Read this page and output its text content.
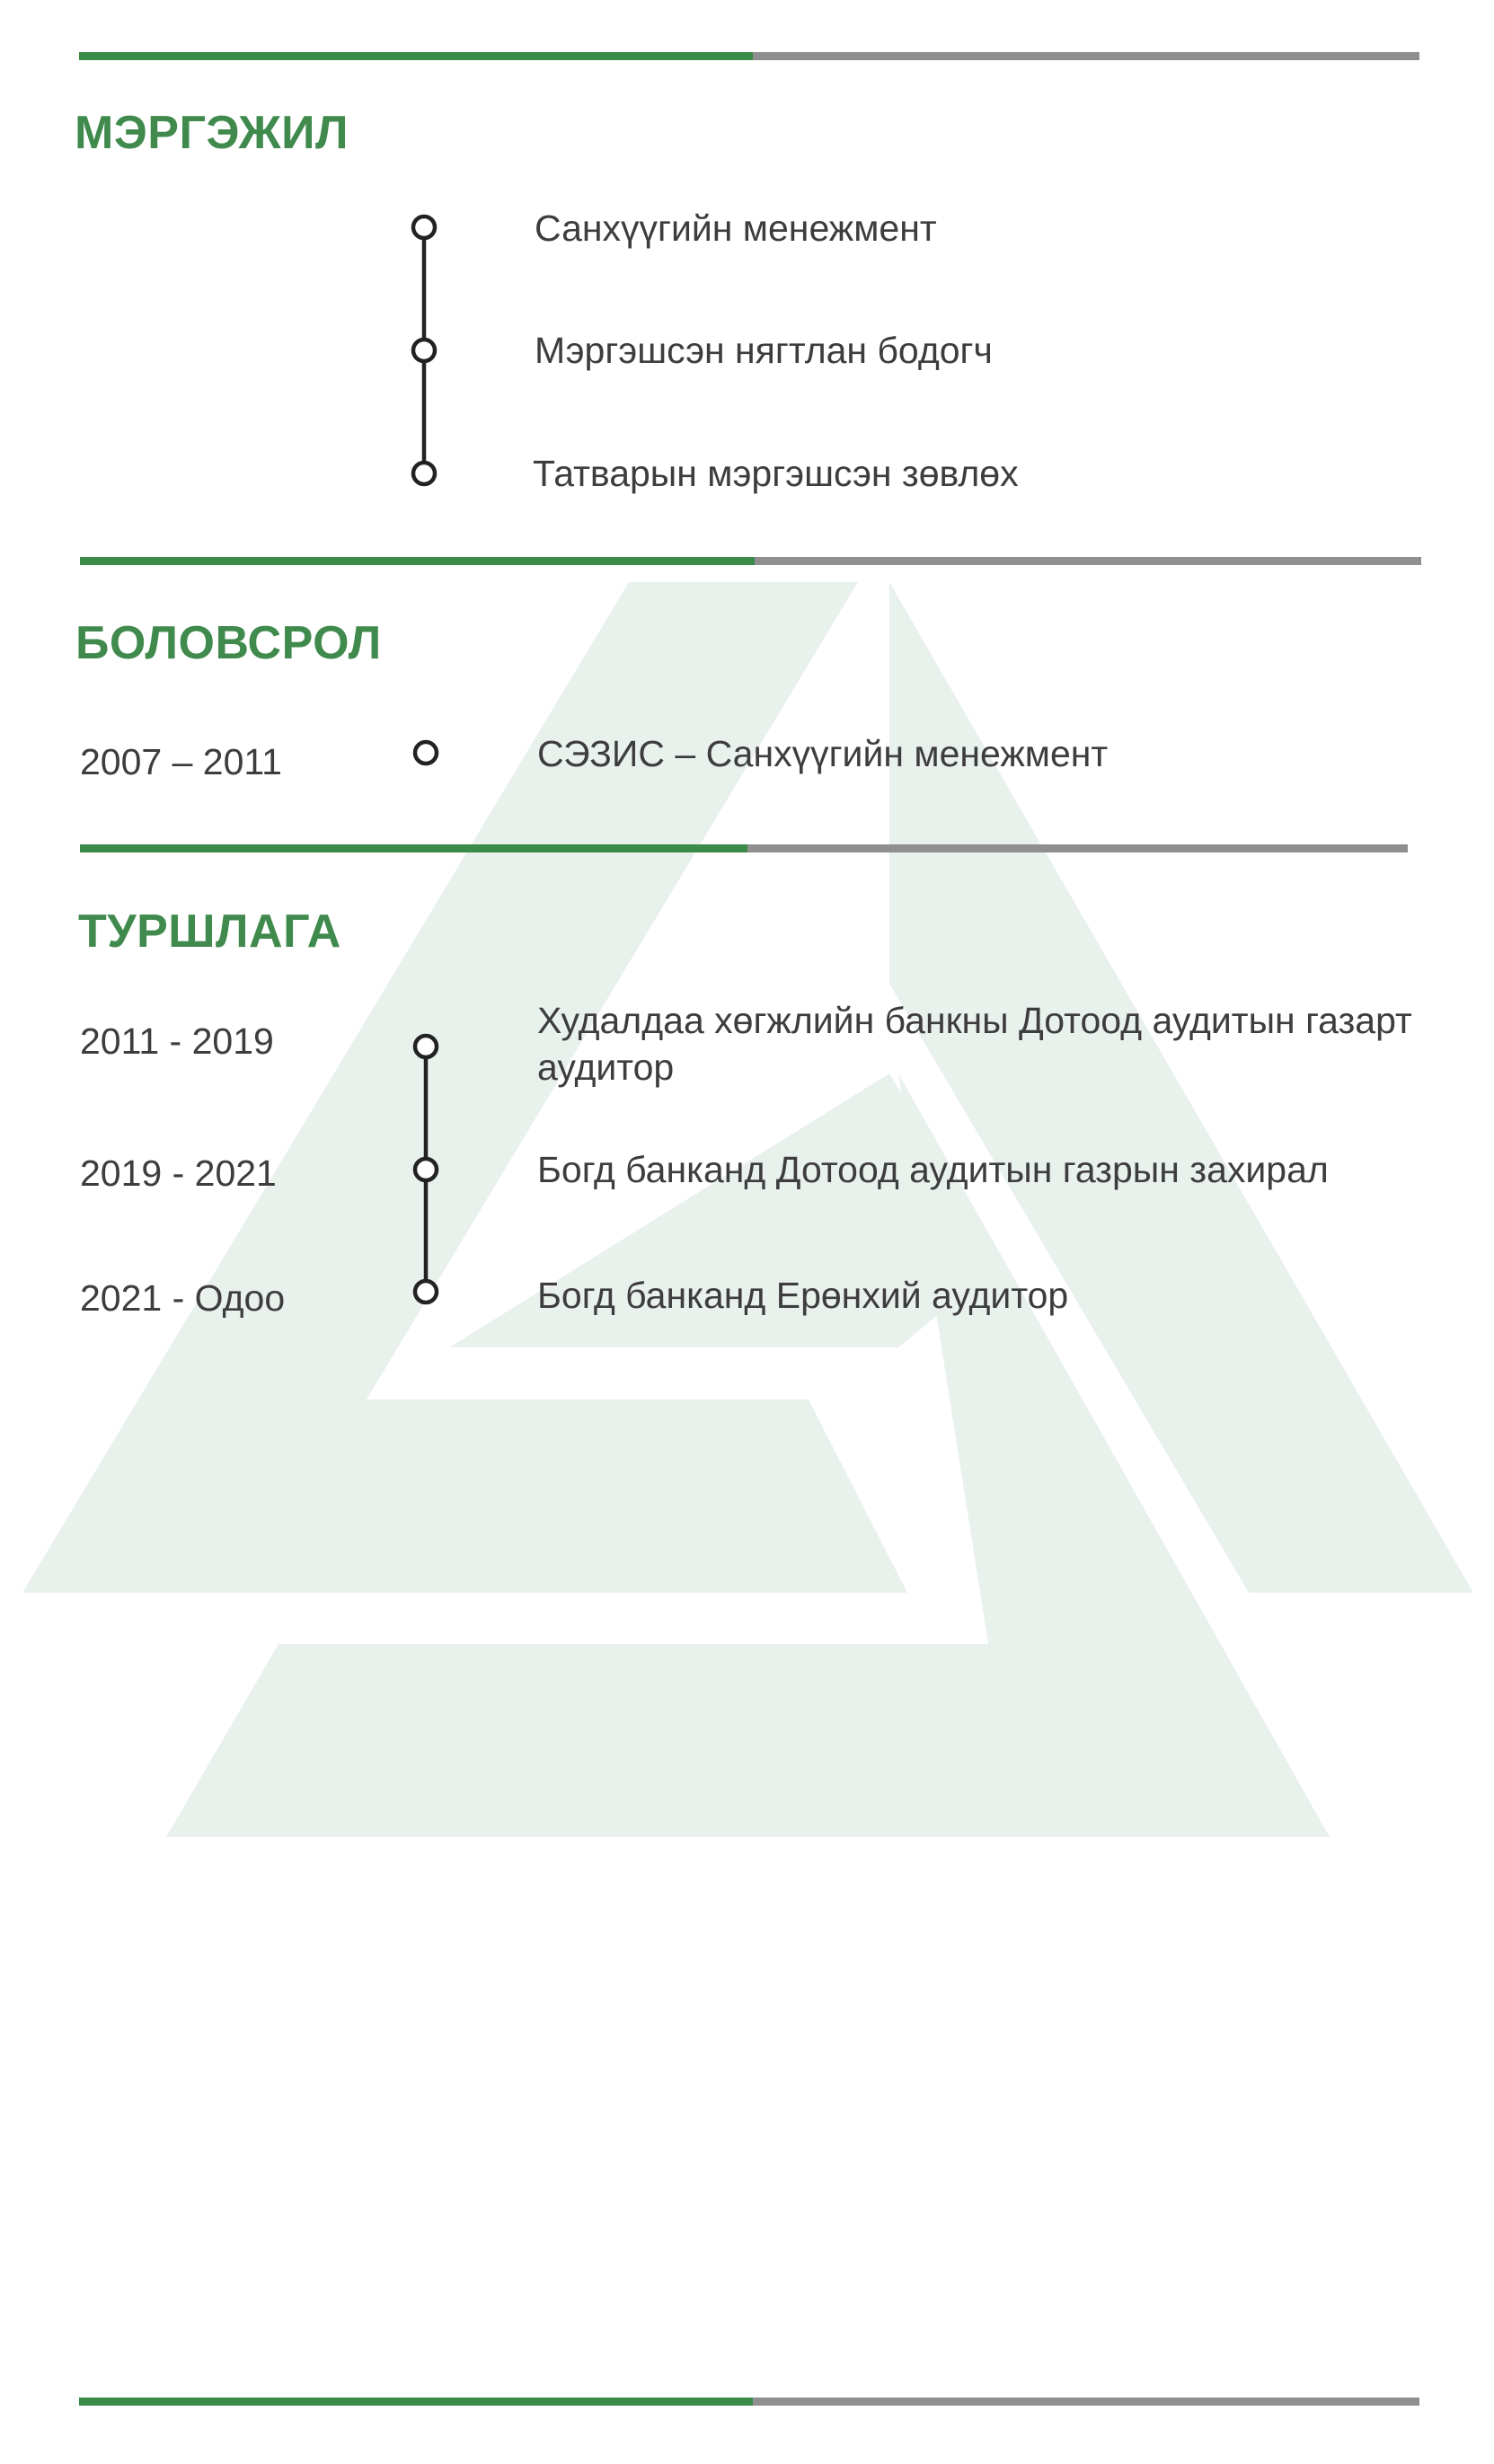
МЭРГЭЖИЛ
Санхүүгийн менежмент
Мэргэшсэн нягтлан бодогч
Татварын мэргэшсэн зөвлөх
БОЛОВСРОЛ
2007 – 2011	СЭЗИС – Санхүүгийн менежмент
ТУРШЛАГА
2011 - 2019
2019 - 2021
2021 - Одоо
Худалдаа хөгжлийн банкны Дотоод аудитын газарт аудитор
Богд банканд Дотоод аудитын газрын захирал
Богд банканд Ерөнхий аудитор
